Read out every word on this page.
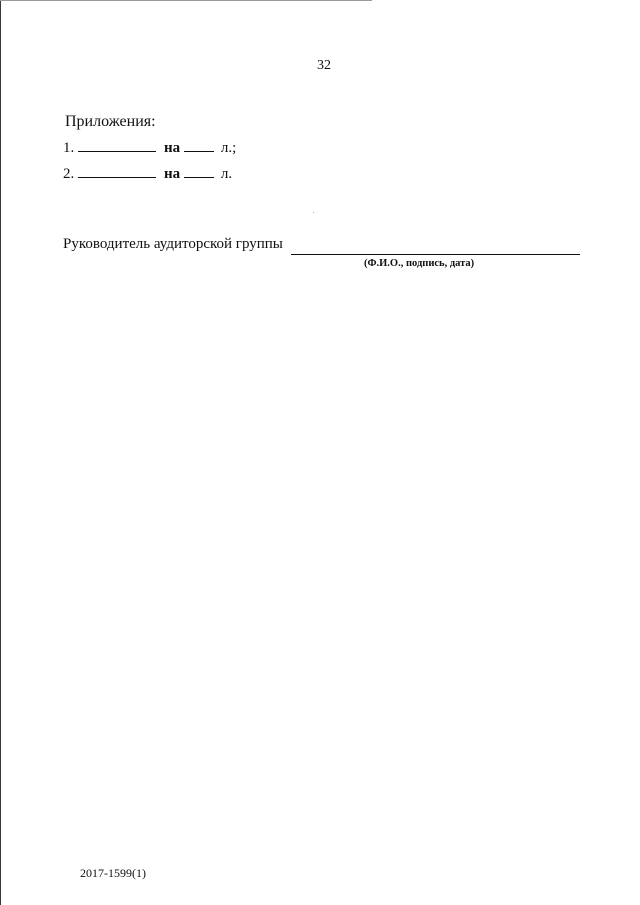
32
Приложения:
1.	на	л.;
2.	на	л.
Руководитель аудиторской группы
(Ф.И.О., подпись, дата)
2017-1599(1)
